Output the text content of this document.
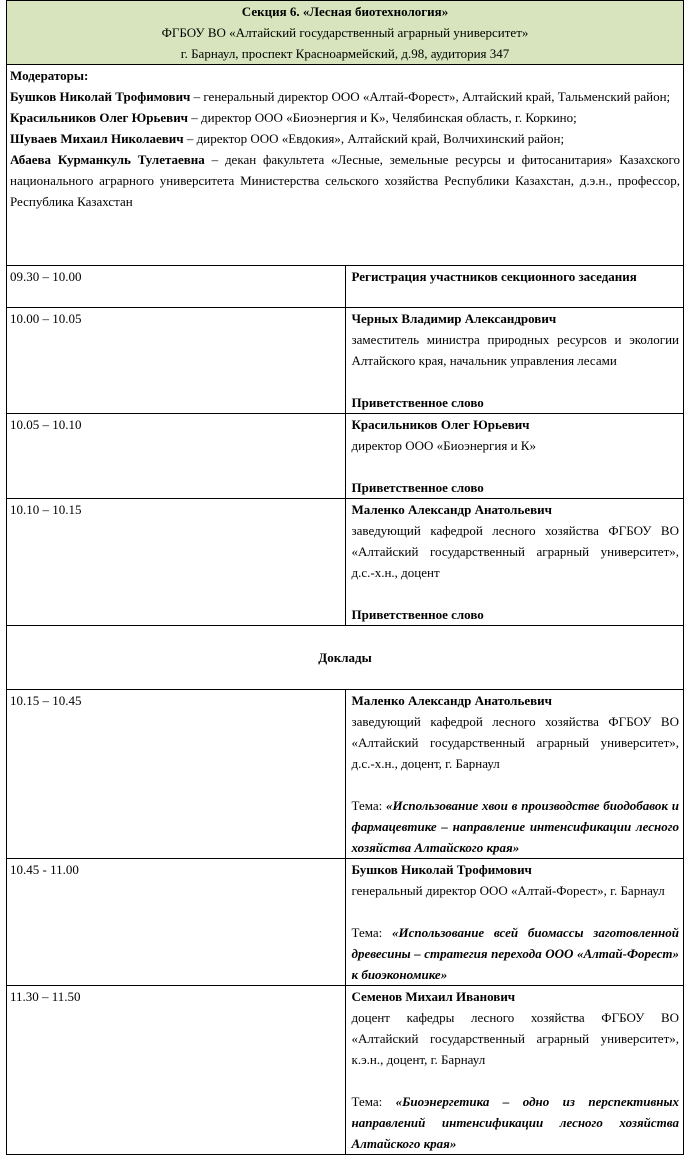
Секция 6. «Лесная биотехнология»
ФГБОУ ВО «Алтайский государственный аграрный университет»
г. Барнаул, проспект Красноармейский, д.98, аудитория 347	

Модераторы:
Бушков Николай Трофимович – генеральный директор ООО «Алтай-Форест», Алтайский край, Тальменский район;
Красильников Олег Юрьевич – директор ООО «Биоэнергия и К», Челябинская область, г. Коркино;
Шуваев Михаил Николаевич – директор ООО «Евдокия», Алтайский край, Волчихинский район;
Абаева Курманкуль Тулетаевна – декан факультета «Лесные, земельные ресурсы и фитосанитария» Казахского национального аграрного университета Министерства сельского хозяйства Республики Казахстан, д.э.н., профессор, Республика Казахстан	

09.30 – 10.00	Регистрация участников секционного заседания
10.00 – 10.05	Черных Владимир Александрович
заместитель министра природных ресурсов и экологии Алтайского края, начальник управления лесами
Приветственное слово

10.05 – 10.10	Красильников Олег Юрьевич
директор ООО «Биоэнергия и К»
Приветственное слово

10.10 – 10.15	Маленко Александр Анатольевич
заведующий кафедрой лесного хозяйства ФГБОУ ВО «Алтайский государственный аграрный университет», д.с.-х.н., доцент
Приветственное слово

Доклады	
10.15 – 10.45	Маленко Александр Анатольевич
заведующий кафедрой лесного хозяйства ФГБОУ ВО «Алтайский государственный аграрный университет», д.с.-х.н., доцент, г. Барнаул
Тема: «Использование хвои в производстве биодобавок и фармацевтике – направление интенсификации лесного хозяйства Алтайского края»

10.45 - 11.00	Бушков Николай Трофимович
генеральный директор ООО «Алтай-Форест», г. Барнаул
Тема: «Использование всей биомассы заготовленной древесины – стратегия перехода ООО «Алтай-Форест» к биоэкономике»

11.30 – 11.50	Семенов Михаил Иванович
доцент кафедры лесного хозяйства ФГБОУ ВО «Алтайский государственный аграрный университет», к.э.н., доцент, г. Барнаул
Тема: «Биоэнергетика – одно из перспективных направлений интенсификации лесного хозяйства Алтайского края»
